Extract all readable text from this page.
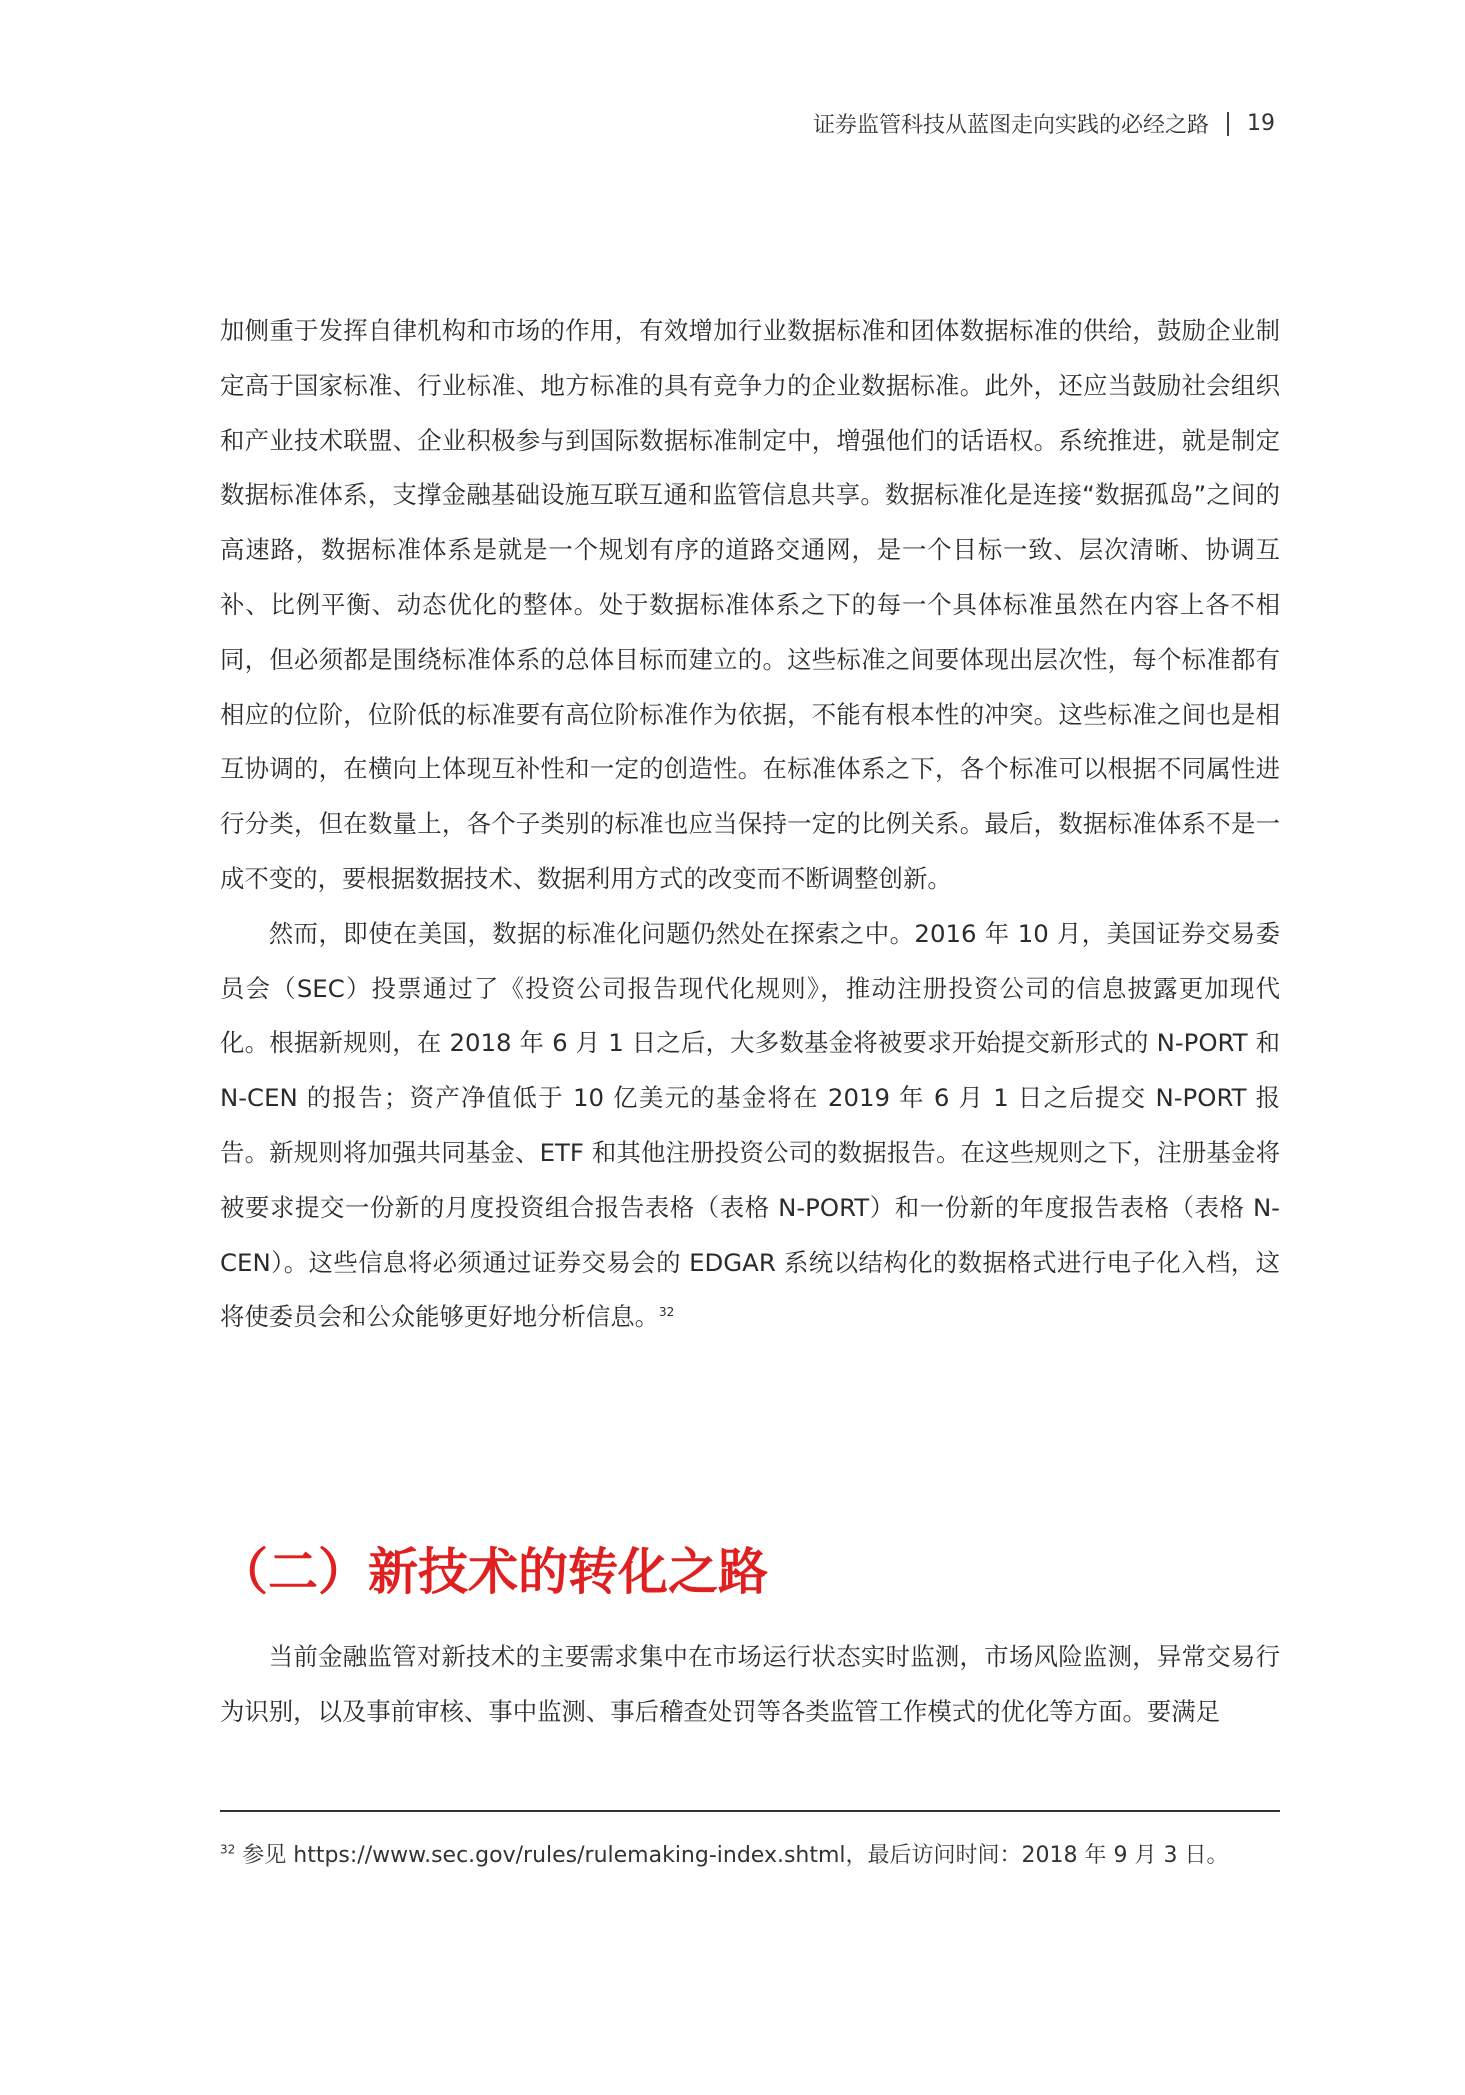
证券监管科技从蓝图走向实践的必经之路 19

加侧重于发挥自律机构和市场的作用，有效增加行业数据标准和团体数据标准的供给，鼓励企业制定高于国家标准、行业标准、地方标准的具有竞争力的企业数据标准。此外，还应当鼓励社会组织和产业技术联盟、企业积极参与到国际数据标准制定中，增强他们的话语权。系统推进，就是制定数据标准体系，支撑金融基础设施互联互通和监管信息共享。数据标准化是连接“数据孤岛”之间的高速路，数据标准体系是就是一个规划有序的道路交通网，是一个目标一致、层次清晰、协调互补、比例平衡、动态优化的整体。处于数据标准体系之下的每一个具体标准虽然在内容上各不相同，但必须都是围绕标准体系的总体目标而建立的。这些标准之间要体现出层次性，每个标准都有相应的位阶，位阶低的标准要有高位阶标准作为依据，不能有根本性的冲突。这些标准之间也是相互协调的，在横向上体现互补性和一定的创造性。在标准体系之下，各个标准可以根据不同属性进行分类，但在数量上，各个子类别的标准也应当保持一定的比例关系。最后，数据标准体系不是一成不变的，要根据数据技术、数据利用方式的改变而不断调整创新。

然而，即使在美国，数据的标准化问题仍然处在探索之中。2016 年 10 月，美国证券交易委员会（SEC）投票通过了《投资公司报告现代化规则》，推动注册投资公司的信息披露更加现代化。根据新规则，在 2018 年 6 月 1 日之后，大多数基金将被要求开始提交新形式的 N-PORT 和 N-CEN 的报告；资产净值低于 10 亿美元的基金将在 2019 年 6 月 1 日之后提交 N-PORT 报告。新规则将加强共同基金、ETF 和其他注册投资公司的数据报告。在这些规则之下，注册基金将被要求提交一份新的月度投资组合报告表格（表格 N-PORT）和一份新的年度报告表格（表格 N-CEN）。这些信息将必须通过证券交易会的 EDGAR 系统以结构化的数据格式进行电子化入档，这将使委员会和公众能够更好地分析信息。$^{32}$

（二）新技术的转化之路

当前金融监管对新技术的主要需求集中在市场运行状态实时监测，市场风险监测，异常交易行为识别，以及事前审核、事中监测、事后稽查处罚等各类监管工作模式的优化等方面。要满足

$^{32}$ 参见 https://www.sec.gov/rules/rulemaking-index.shtml，最后访问时间：2018 年 9 月 3 日。
